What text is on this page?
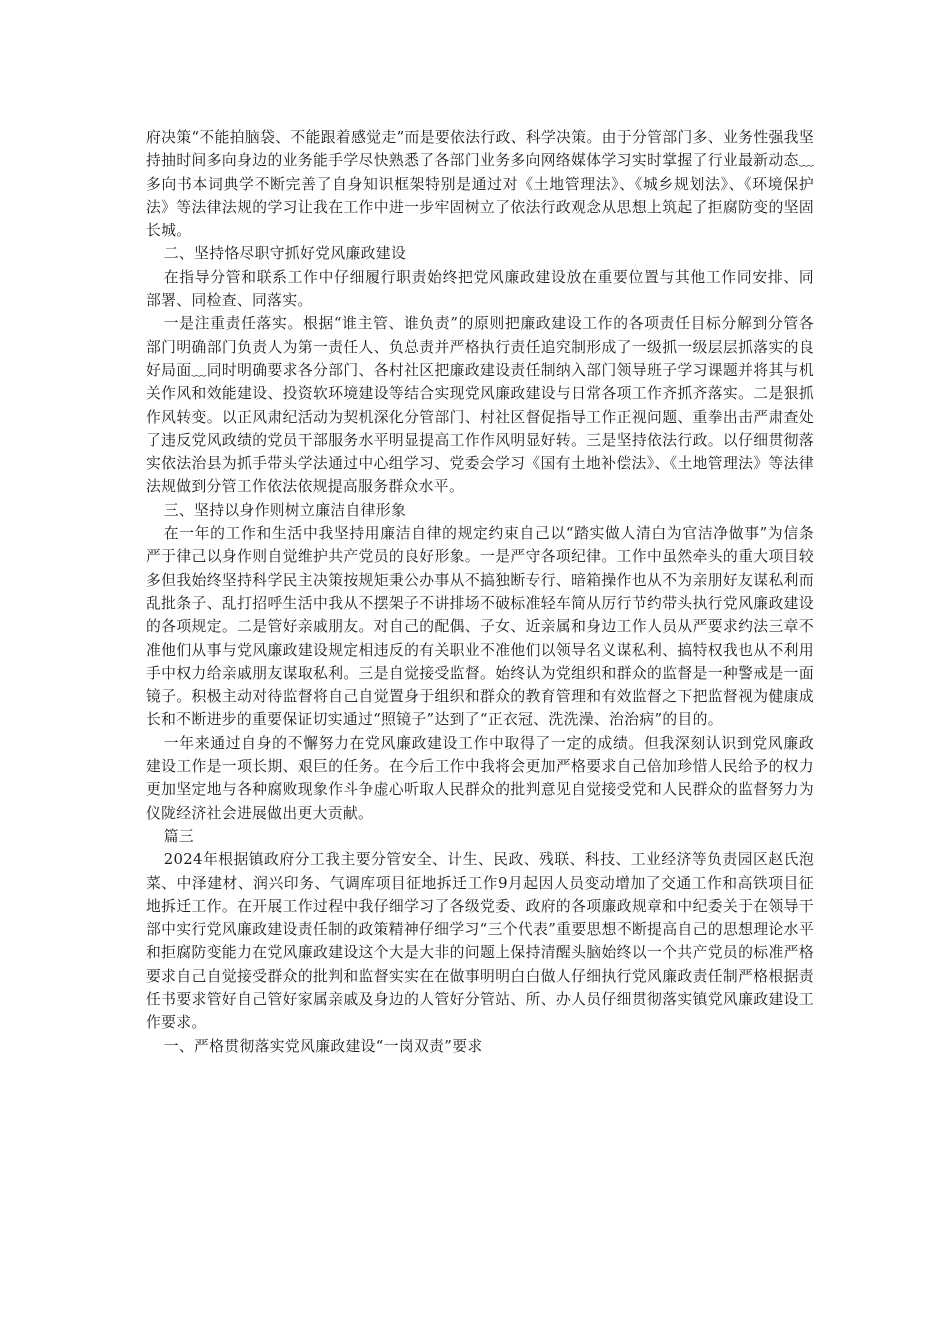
府决策“不能拍脑袋、不能跟着感觉走”而是要依法行政、科学决策。由于分管部门多、业务性强我坚持抽时间多向身边的业务能手学尽快熟悉了各部门业务多向网络媒体学习实时掌握了行业最新动态﹏多向书本词典学不断完善了自身知识框架特别是通过对《土地管理法》、《城乡规划法》、《环境保护法》等法律法规的学习让我在工作中进一步牢固树立了依法行政观念从思想上筑起了拒腐防变的坚固长城。

二、坚持恪尽职守抓好党风廉政建设

在指导分管和联系工作中仔细履行职责始终把党风廉政建设放在重要位置与其他工作同安排、同部署、同检查、同落实。

一是注重责任落实。根据“谁主管、谁负责”的原则把廉政建设工作的各项责任目标分解到分管各部门明确部门负责人为第一责任人、负总责并严格执行责任追究制形成了一级抓一级层层抓落实的良好局面﹏同时明确要求各分部门、各村社区把廉政建设责任制纳入部门领导班子学习课题并将其与机关作风和效能建设、投资软环境建设等结合实现党风廉政建设与日常各项工作齐抓齐落实。二是狠抓作风转变。以正风肃纪活动为契机深化分管部门、村社区督促指导工作正视问题、重拳出击严肃查处了违反党风政绩的党员干部服务水平明显提高工作作风明显好转。三是坚持依法行政。以仔细贯彻落实依法治县为抓手带头学法通过中心组学习、党委会学习《国有土地补偿法》、《土地管理法》等法律法规做到分管工作依法依规提高服务群众水平。

三、坚持以身作则树立廉洁自律形象

在一年的工作和生活中我坚持用廉洁自律的规定约束自己以“踏实做人清白为官洁净做事”为信条严于律己以身作则自觉维护共产党员的良好形象。一是严守各项纪律。工作中虽然牵头的重大项目较多但我始终坚持科学民主决策按规矩秉公办事从不搞独断专行、暗箱操作也从不为亲朋好友谋私利而乱批条子、乱打招呼生活中我从不摆架子不讲排场不破标准轻车简从厉行节约带头执行党风廉政建设的各项规定。二是管好亲戚朋友。对自己的配偶、子女、近亲属和身边工作人员从严要求约法三章不准他们从事与党风廉政建设规定相违反的有关职业不准他们以领导名义谋私利、搞特权我也从不利用手中权力给亲戚朋友谋取私利。三是自觉接受监督。始终认为党组织和群众的监督是一种警戒是一面镜子。积极主动对待监督将自己自觉置身于组织和群众的教育管理和有效监督之下把监督视为健康成长和不断进步的重要保证切实通过“照镜子”达到了“正衣冠、洗洗澡、治治病”的目的。

一年来通过自身的不懈努力在党风廉政建设工作中取得了一定的成绩。但我深刻认识到党风廉政建设工作是一项长期、艰巨的任务。在今后工作中我将会更加严格要求自己倍加珍惜人民给予的权力更加坚定地与各种腐败现象作斗争虚心听取人民群众的批判意见自觉接受党和人民群众的监督努力为仪陇经济社会进展做出更大贡献。

篇三

2024年根据镇政府分工我主要分管安全、计生、民政、残联、科技、工业经济等负责园区赵氏泡菜、中泽建材、润兴印务、气调库项目征地拆迁工作9月起因人员变动增加了交通工作和高铁项目征地拆迁工作。在开展工作过程中我仔细学习了各级党委、政府的各项廉政规章和中纪委关于在领导干部中实行党风廉政建设责任制的政策精神仔细学习“三个代表”重要思想不断提高自己的思想理论水平和拒腐防变能力在党风廉政建设这个大是大非的问题上保持清醒头脑始终以一个共产党员的标准严格要求自己自觉接受群众的批判和监督实实在在做事明明白白做人仔细执行党风廉政责任制严格根据责任书要求管好自己管好家属亲戚及身边的人管好分管站、所、办人员仔细贯彻落实镇党风廉政建设工作要求。

一、严格贯彻落实党风廉政建设“一岗双责”要求
